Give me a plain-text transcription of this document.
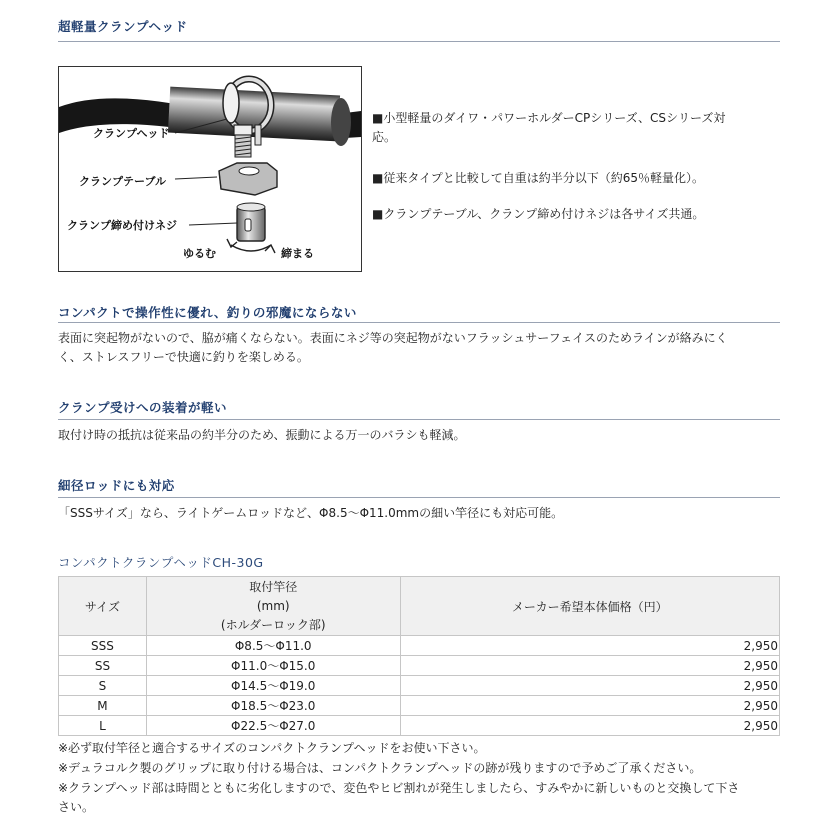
超軽量クランプヘッド
クランプヘッド
クランプテーブル
クランプ締め付けネジ
ゆるむ	締まる
■小型軽量のダイワ・パワーホルダーCPシリーズ、CSシリーズ対
応。
■従来タイプと比較して自重は約半分以下（約65％軽量化）。
■クランプテーブル、クランプ締め付けネジは各サイズ共通。
コンパクトで操作性に優れ、釣りの邪魔にならない
表面に突起物がないので、脇が痛くならない。表面にネジ等の突起物がないフラッシュサーフェイスのためラインが絡みにく
く、ストレスフリーで快適に釣りを楽しめる。
クランプ受けへの装着が軽い
取付け時の抵抗は従来品の約半分のため、振動による万一のバラシも軽減。
細径ロッドにも対応
「SSSサイズ」なら、ライトゲームロッドなど、Φ8.5〜Φ11.0mmの細い竿径にも対応可能。
コンパクトクランプヘッドCH-30G
サイズ	取付竿径
(mm)
(ホルダーロック部)	メーカー希望本体価格（円）
SSS	Φ8.5〜Φ11.0	2,950
SS	Φ11.0〜Φ15.0	2,950
S	Φ14.5〜Φ19.0	2,950
M	Φ18.5〜Φ23.0	2,950
L	Φ22.5〜Φ27.0	2,950
※必ず取付竿径と適合するサイズのコンパクトクランプヘッドをお使い下さい。
※デュラコルク製のグリップに取り付ける場合は、コンパクトクランプヘッドの跡が残りますので予めご了承ください。
※クランプヘッド部は時間とともに劣化しますので、変色やヒビ割れが発生しましたら、すみやかに新しいものと交換して下さ
さい。
